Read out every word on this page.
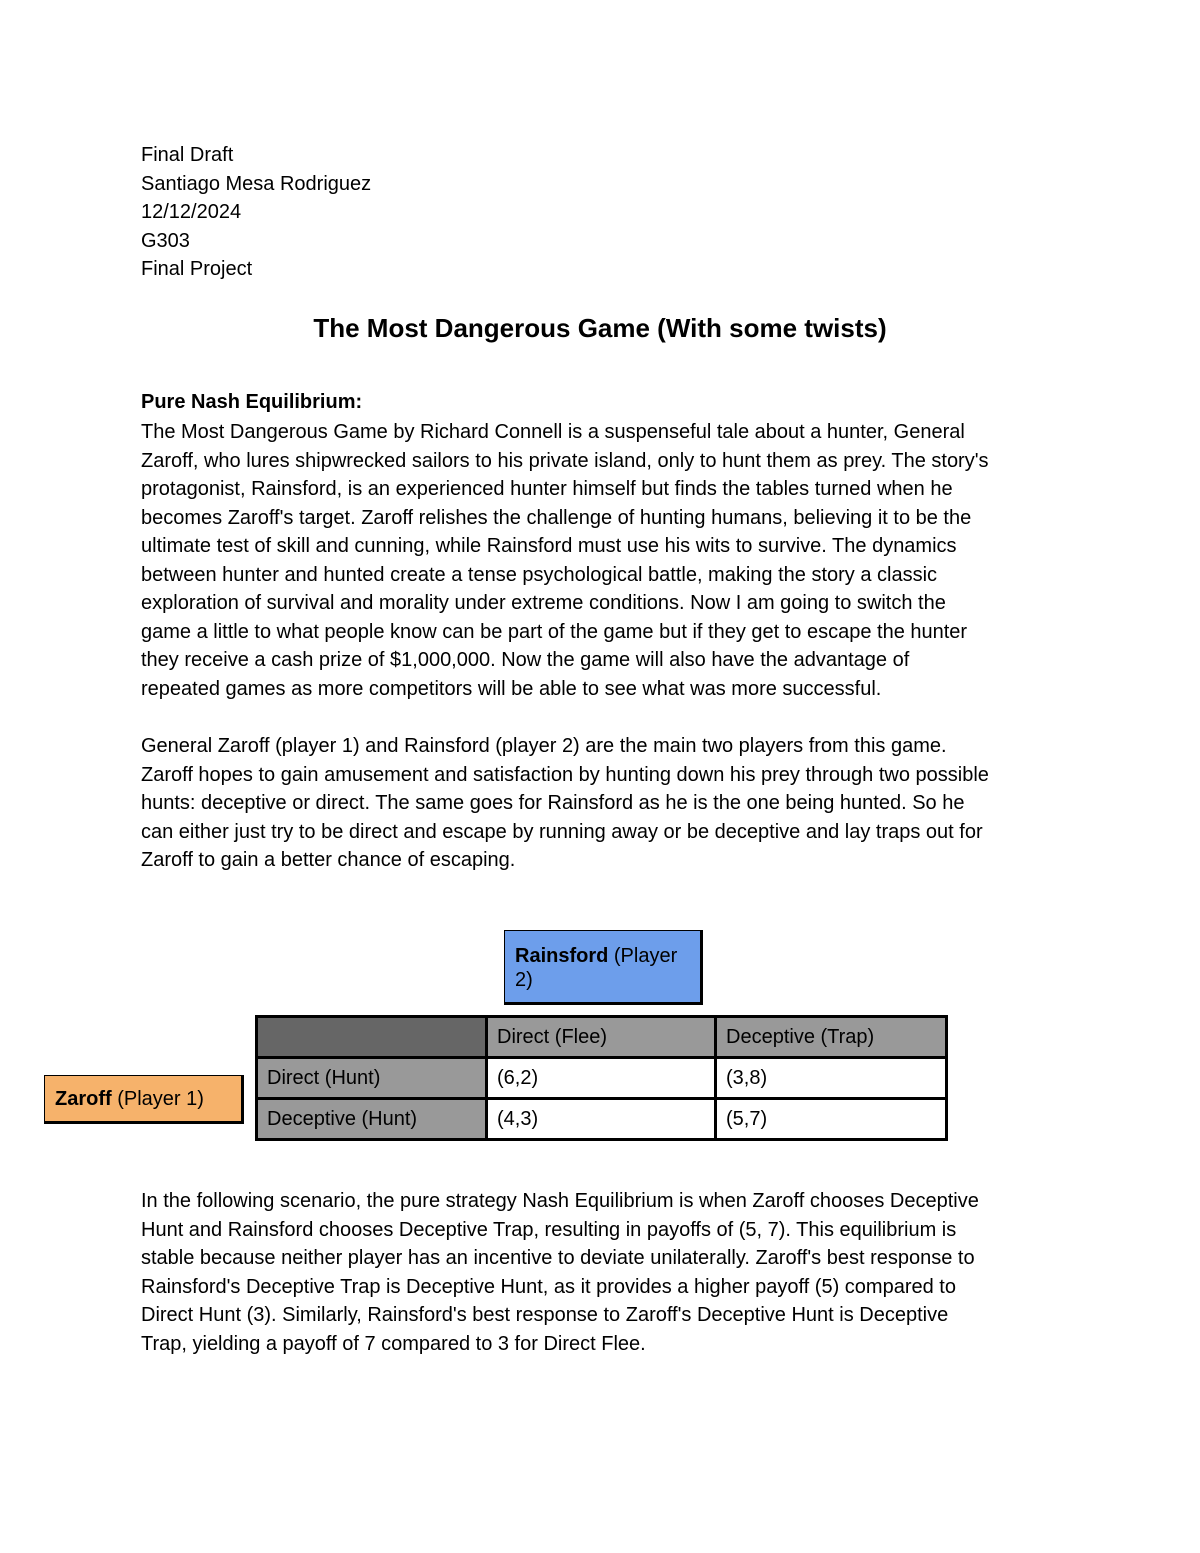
Final Draft
Santiago Mesa Rodriguez
12/12/2024
G303
Final Project
The Most Dangerous Game (With some twists)
Pure Nash Equilibrium:

The Most Dangerous Game by Richard Connell is a suspenseful tale about a hunter, General
Zaroff, who lures shipwrecked sailors to his private island, only to hunt them as prey. The story's
protagonist, Rainsford, is an experienced hunter himself but finds the tables turned when he
becomes Zaroff's target. Zaroff relishes the challenge of hunting humans, believing it to be the
ultimate test of skill and cunning, while Rainsford must use his wits to survive. The dynamics
between hunter and hunted create a tense psychological battle, making the story a classic
exploration of survival and morality under extreme conditions. Now I am going to switch the
game a little to what people know can be part of the game but if they get to escape the hunter
they receive a cash prize of $1,000,000. Now the game will also have the advantage of
repeated games as more competitors will be able to see what was more successful.

General Zaroff (player 1) and Rainsford (player 2) are the main two players from this game.
Zaroff hopes to gain amusement and satisfaction by hunting down his prey through two possible
hunts: deceptive or direct. The same goes for Rainsford as he is the one being hunted. So he
can either just try to be direct and escape by running away or be deceptive and lay traps out for
Zaroff to gain a better chance of escaping.

Rainsford (Player
2)
Zaroff (Player 1)
	Direct (Flee)	Deceptive (Trap)
Direct (Hunt)	(6,2)	(3,8)
Deceptive (Hunt)	(4,3)	(5,7)

In the following scenario, the pure strategy Nash Equilibrium is when Zaroff chooses Deceptive
Hunt and Rainsford chooses Deceptive Trap, resulting in payoffs of (5, 7). This equilibrium is
stable because neither player has an incentive to deviate unilaterally. Zaroff's best response to
Rainsford's Deceptive Trap is Deceptive Hunt, as it provides a higher payoff (5) compared to
Direct Hunt (3). Similarly, Rainsford's best response to Zaroff's Deceptive Hunt is Deceptive
Trap, yielding a payoff of 7 compared to 3 for Direct Flee.
